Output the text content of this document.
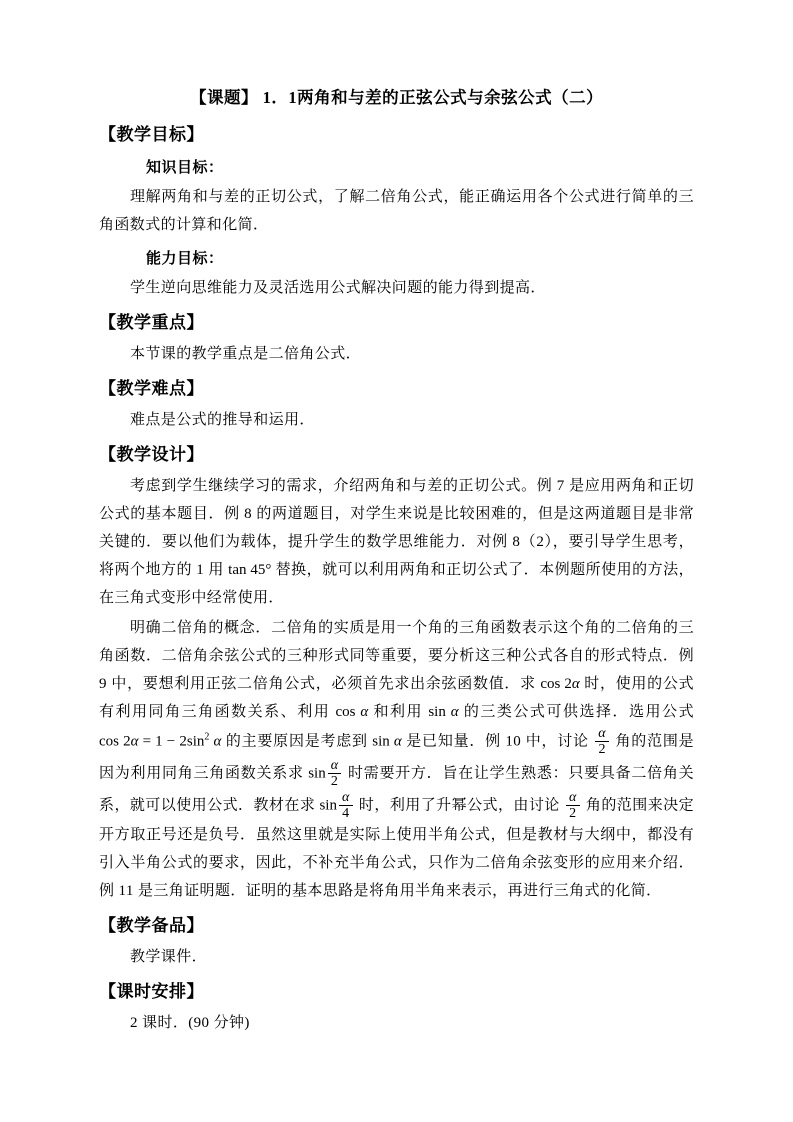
【课题】 1．1两角和与差的正弦公式与余弦公式（二）
【教学目标】
知识目标：

理解两角和与差的正切公式，了解二倍角公式，能正确运用各个公式进行简单的三角函数式的计算和化简．

能力目标：

学生逆向思维能力及灵活选用公式解决问题的能力得到提高．

【教学重点】

本节课的教学重点是二倍角公式．

【教学难点】

难点是公式的推导和运用．

【教学设计】

考虑到学生继续学习的需求，介绍两角和与差的正切公式。例 7 是应用两角和正切公式的基本题目．例 8 的两道题目，对学生来说是比较困难的，但是这两道题目是非常关键的．要以他们为载体，提升学生的数学思维能力．对例 8（2），要引导学生思考，将两个地方的 1 用 tan 45° 替换，就可以利用两角和正切公式了．本例题所使用的方法，在三角式变形中经常使用．

明确二倍角的概念．二倍角的实质是用一个角的三角函数表示这个角的二倍角的三角函数．二倍角余弦公式的三种形式同等重要，要分析这三种公式各自的形式特点．例 9 中，要想利用正弦二倍角公式，必须首先求出余弦函数值．求 cos 2α 时，使用的公式有利用同角三角函数关系、利用 cos α 和利用 sin α 的三类公式可供选择．选用公式 $\cos 2\alpha = 1 - 2\sin^2$ α 的主要原因是考虑到 sin α 是已知量．例 10 中，讨论 $\frac{\alpha}{2}$ 角的范围是因为利用同角三角函数关系求 $\sin \frac{\alpha}{2}$ 时需要开方．旨在让学生熟悉：只要具备二倍角关系，就可以使用公式．教材在求 $\sin \frac{\alpha}{4}$ 时，利用了升幂公式，由讨论 $\frac{\alpha}{2}$ 角的范围来决定开方取正号还是负号．虽然这里就是实际上使用半角公式，但是教材与大纲中，都没有引入半角公式的要求，因此，不补充半角公式，只作为二倍角余弦变形的应用来介绍．例 11 是三角证明题．证明的基本思路是将角用半角来表示，再进行三角式的化简．

【教学备品】

教学课件．

【课时安排】

2 课时．(90 分钟)
